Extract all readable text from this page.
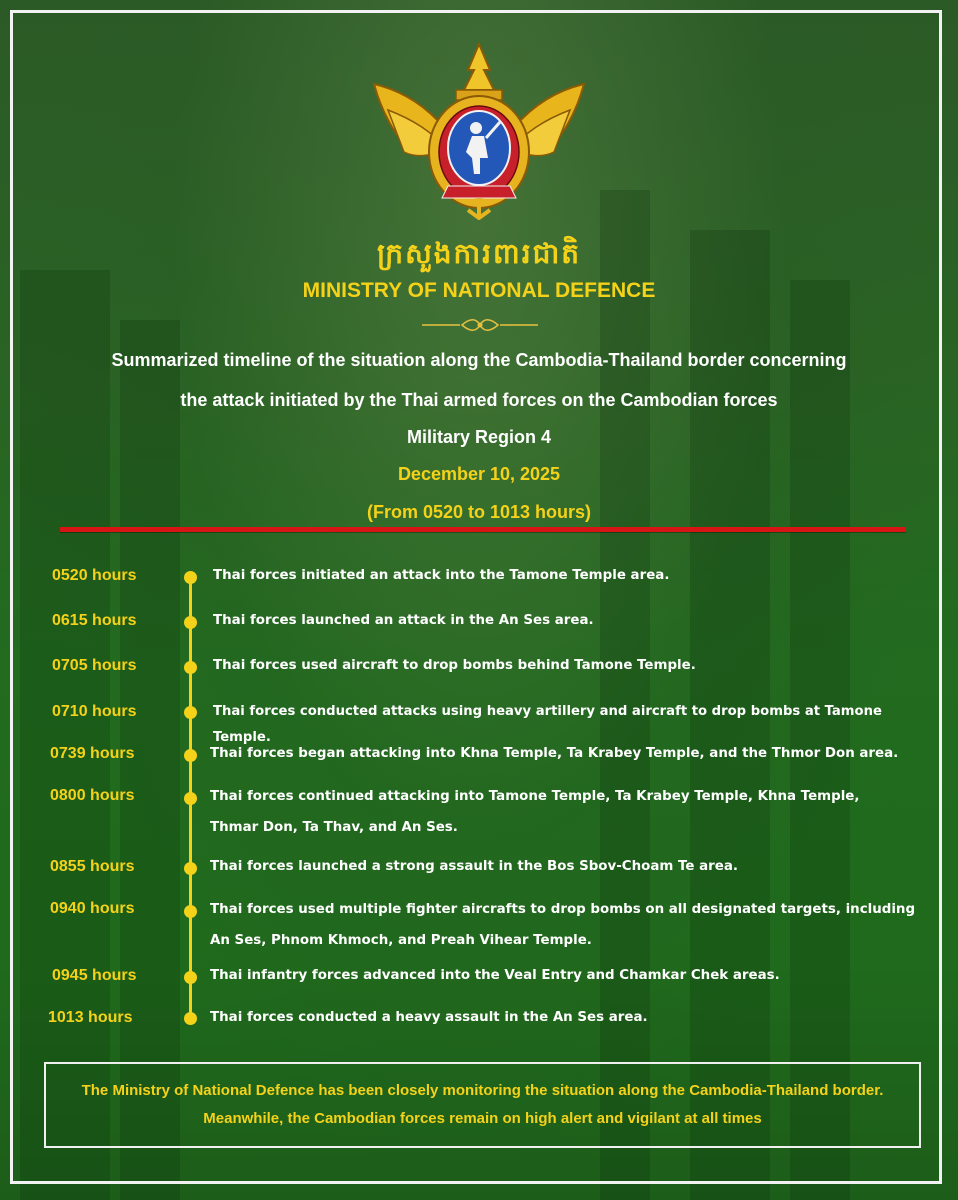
ក្រសួងការពារជាតិ
MINISTRY OF NATIONAL DEFENCE
Summarized timeline of the situation along the Cambodia-Thailand border concerning
the attack initiated by the Thai armed forces on the Cambodian forces
Military Region 4
December 10, 2025
(From 0520 to 1013 hours)
0520 hours	Thai forces initiated an attack into the Tamone Temple area.
0615 hours	Thai forces launched an attack in the An Ses area.
0705 hours	Thai forces used aircraft to drop bombs behind Tamone Temple.
0710 hours	Thai forces conducted attacks using heavy artillery and aircraft to drop bombs at Tamone Temple.
0739 hours	Thai forces began attacking into Khna Temple, Ta Krabey Temple, and the Thmor Don area.
0800 hours	Thai forces continued attacking into Tamone Temple, Ta Krabey Temple, Khna Temple,
Thmar Don, Ta Thav, and An Ses.
0855 hours	Thai forces launched a strong assault in the Bos Sbov-Choam Te area.
0940 hours	Thai forces used multiple fighter aircrafts to drop bombs on all designated targets, including
An Ses, Phnom Khmoch, and Preah Vihear Temple.
0945 hours	Thai infantry forces advanced into the Veal Entry and Chamkar Chek areas.
1013 hours	Thai forces conducted a heavy assault in the An Ses area.
The Ministry of National Defence has been closely monitoring the situation along the Cambodia-Thailand border.
Meanwhile, the Cambodian forces remain on high alert and vigilant at all times
